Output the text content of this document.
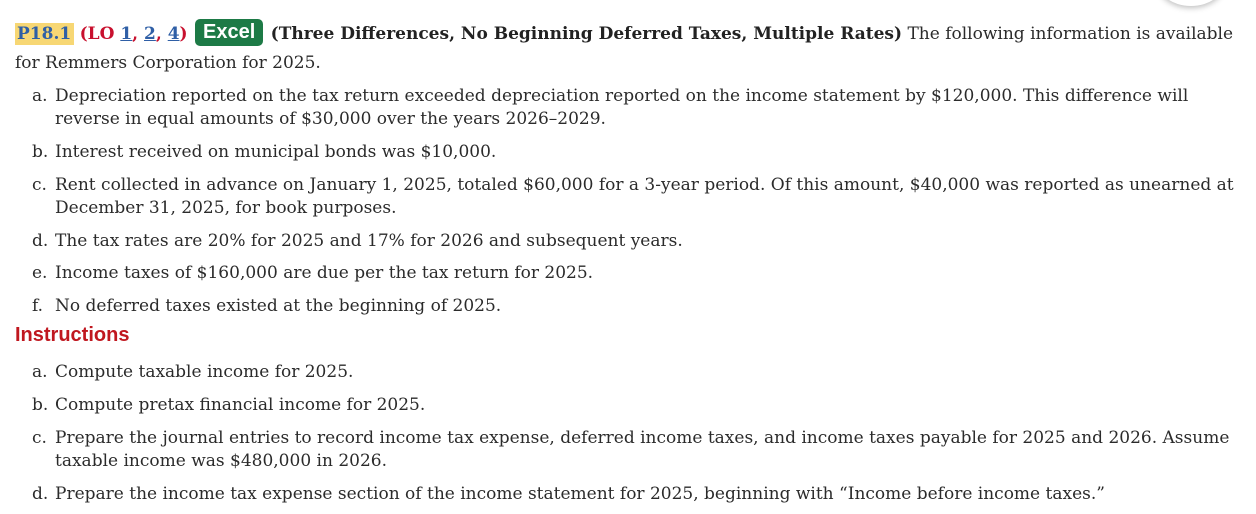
P18.1 (LO 1, 2, 4) Excel (Three Differences, No Beginning Deferred Taxes, Multiple Rates) The following information is available for Remmers Corporation for 2025.
a. Depreciation reported on the tax return exceeded depreciation reported on the income statement by $120,000. This difference will reverse in equal amounts of $30,000 over the years 2026–2029.
b. Interest received on municipal bonds was $10,000.
c. Rent collected in advance on January 1, 2025, totaled $60,000 for a 3-year period. Of this amount, $40,000 was reported as unearned at December 31, 2025, for book purposes.
d. The tax rates are 20% for 2025 and 17% for 2026 and subsequent years.
e. Income taxes of $160,000 are due per the tax return for 2025.
f. No deferred taxes existed at the beginning of 2025.
Instructions
a. Compute taxable income for 2025.
b. Compute pretax financial income for 2025.
c. Prepare the journal entries to record income tax expense, deferred income taxes, and income taxes payable for 2025 and 2026. Assume taxable income was $480,000 in 2026.
d. Prepare the income tax expense section of the income statement for 2025, beginning with “Income before income taxes.”
